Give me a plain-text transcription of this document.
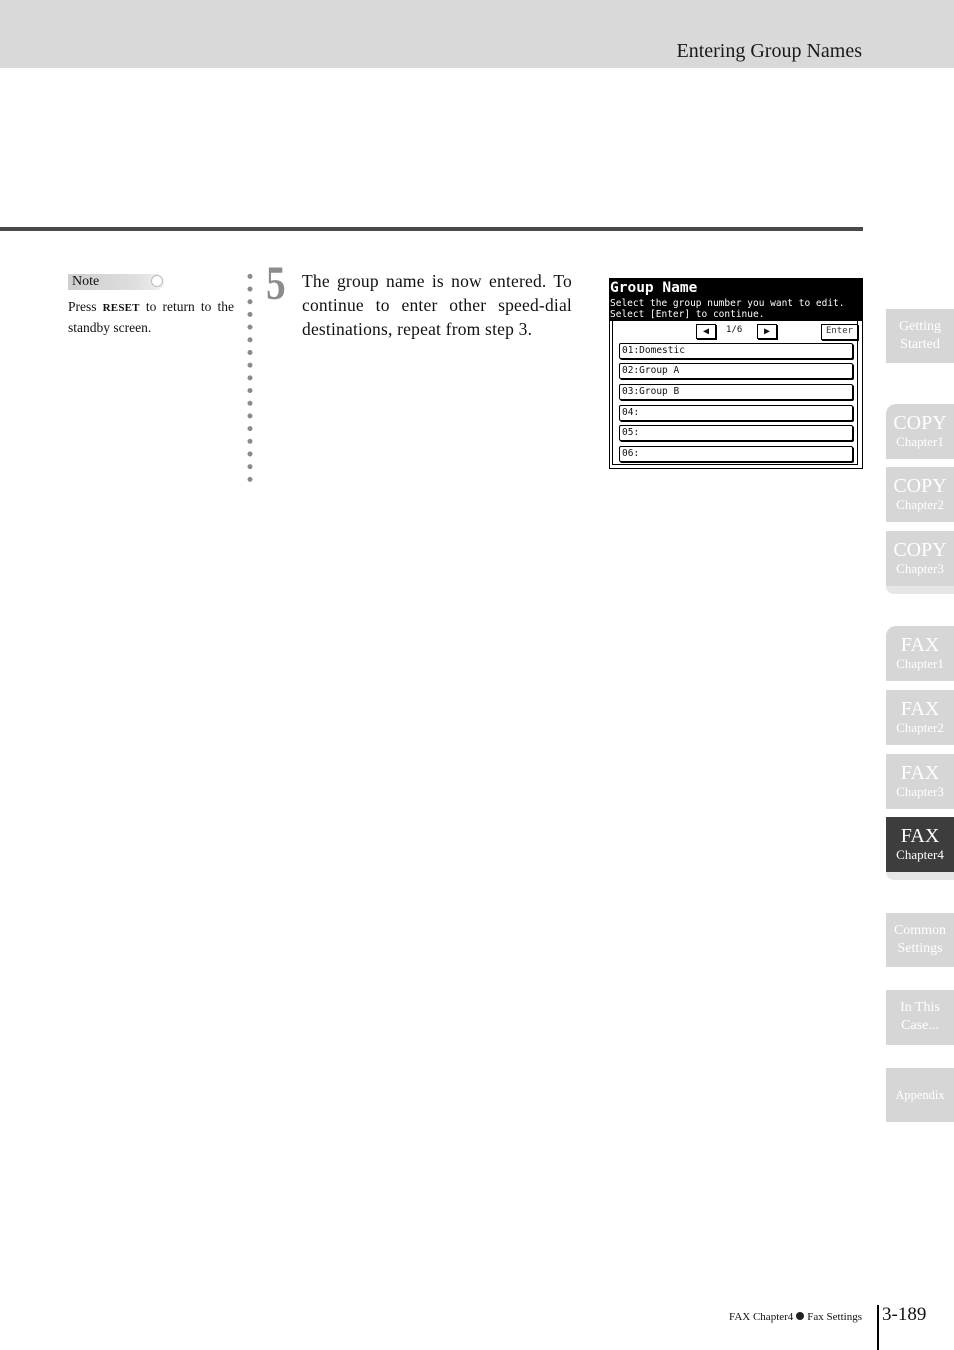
Entering Group Names
Note
Press RESET to return to the standby screen.
5 The group name is now entered. To continue to enter other speed-dial destinations, repeat from step 3.
Group Name
Select the group number you want to edit.
Select [Enter] to continue.
◀	1/6	▶	Enter
01:Domestic
02:Group A
03:Group B
04:
05:
06:
Getting
Started
COPY
Chapter1
COPY
Chapter2
COPY
Chapter3
FAX
Chapter1
FAX
Chapter2
FAX
Chapter3
FAX
Chapter4
Common
Settings
In This
Case...
Appendix
FAX Chapter4 Fax Settings 3-189
